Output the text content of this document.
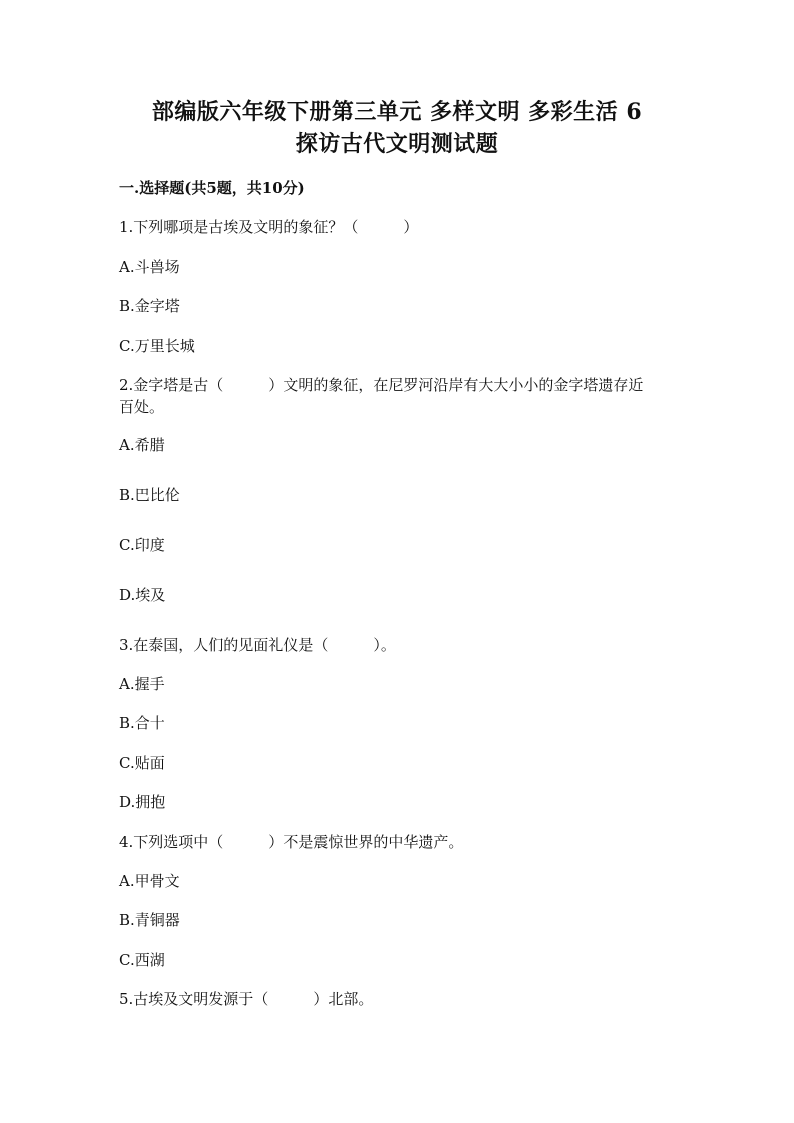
部编版六年级下册第三单元 多样文明 多彩生活 6
探访古代文明测试题
一.选择题(共5题，共10分)
1.下列哪项是古埃及文明的象征？（　　　）
A.斗兽场
B.金字塔
C.万里长城
2.金字塔是古（　　　）文明的象征，在尼罗河沿岸有大大小小的金字塔遗存近
百处。
A.希腊
B.巴比伦
C.印度
D.埃及
3.在泰国，人们的见面礼仪是（　　　）。
A.握手
B.合十
C.贴面
D.拥抱
4.下列选项中（　　　）不是震惊世界的中华遗产。
A.甲骨文
B.青铜器
C.西湖
5.古埃及文明发源于（　　　）北部。
